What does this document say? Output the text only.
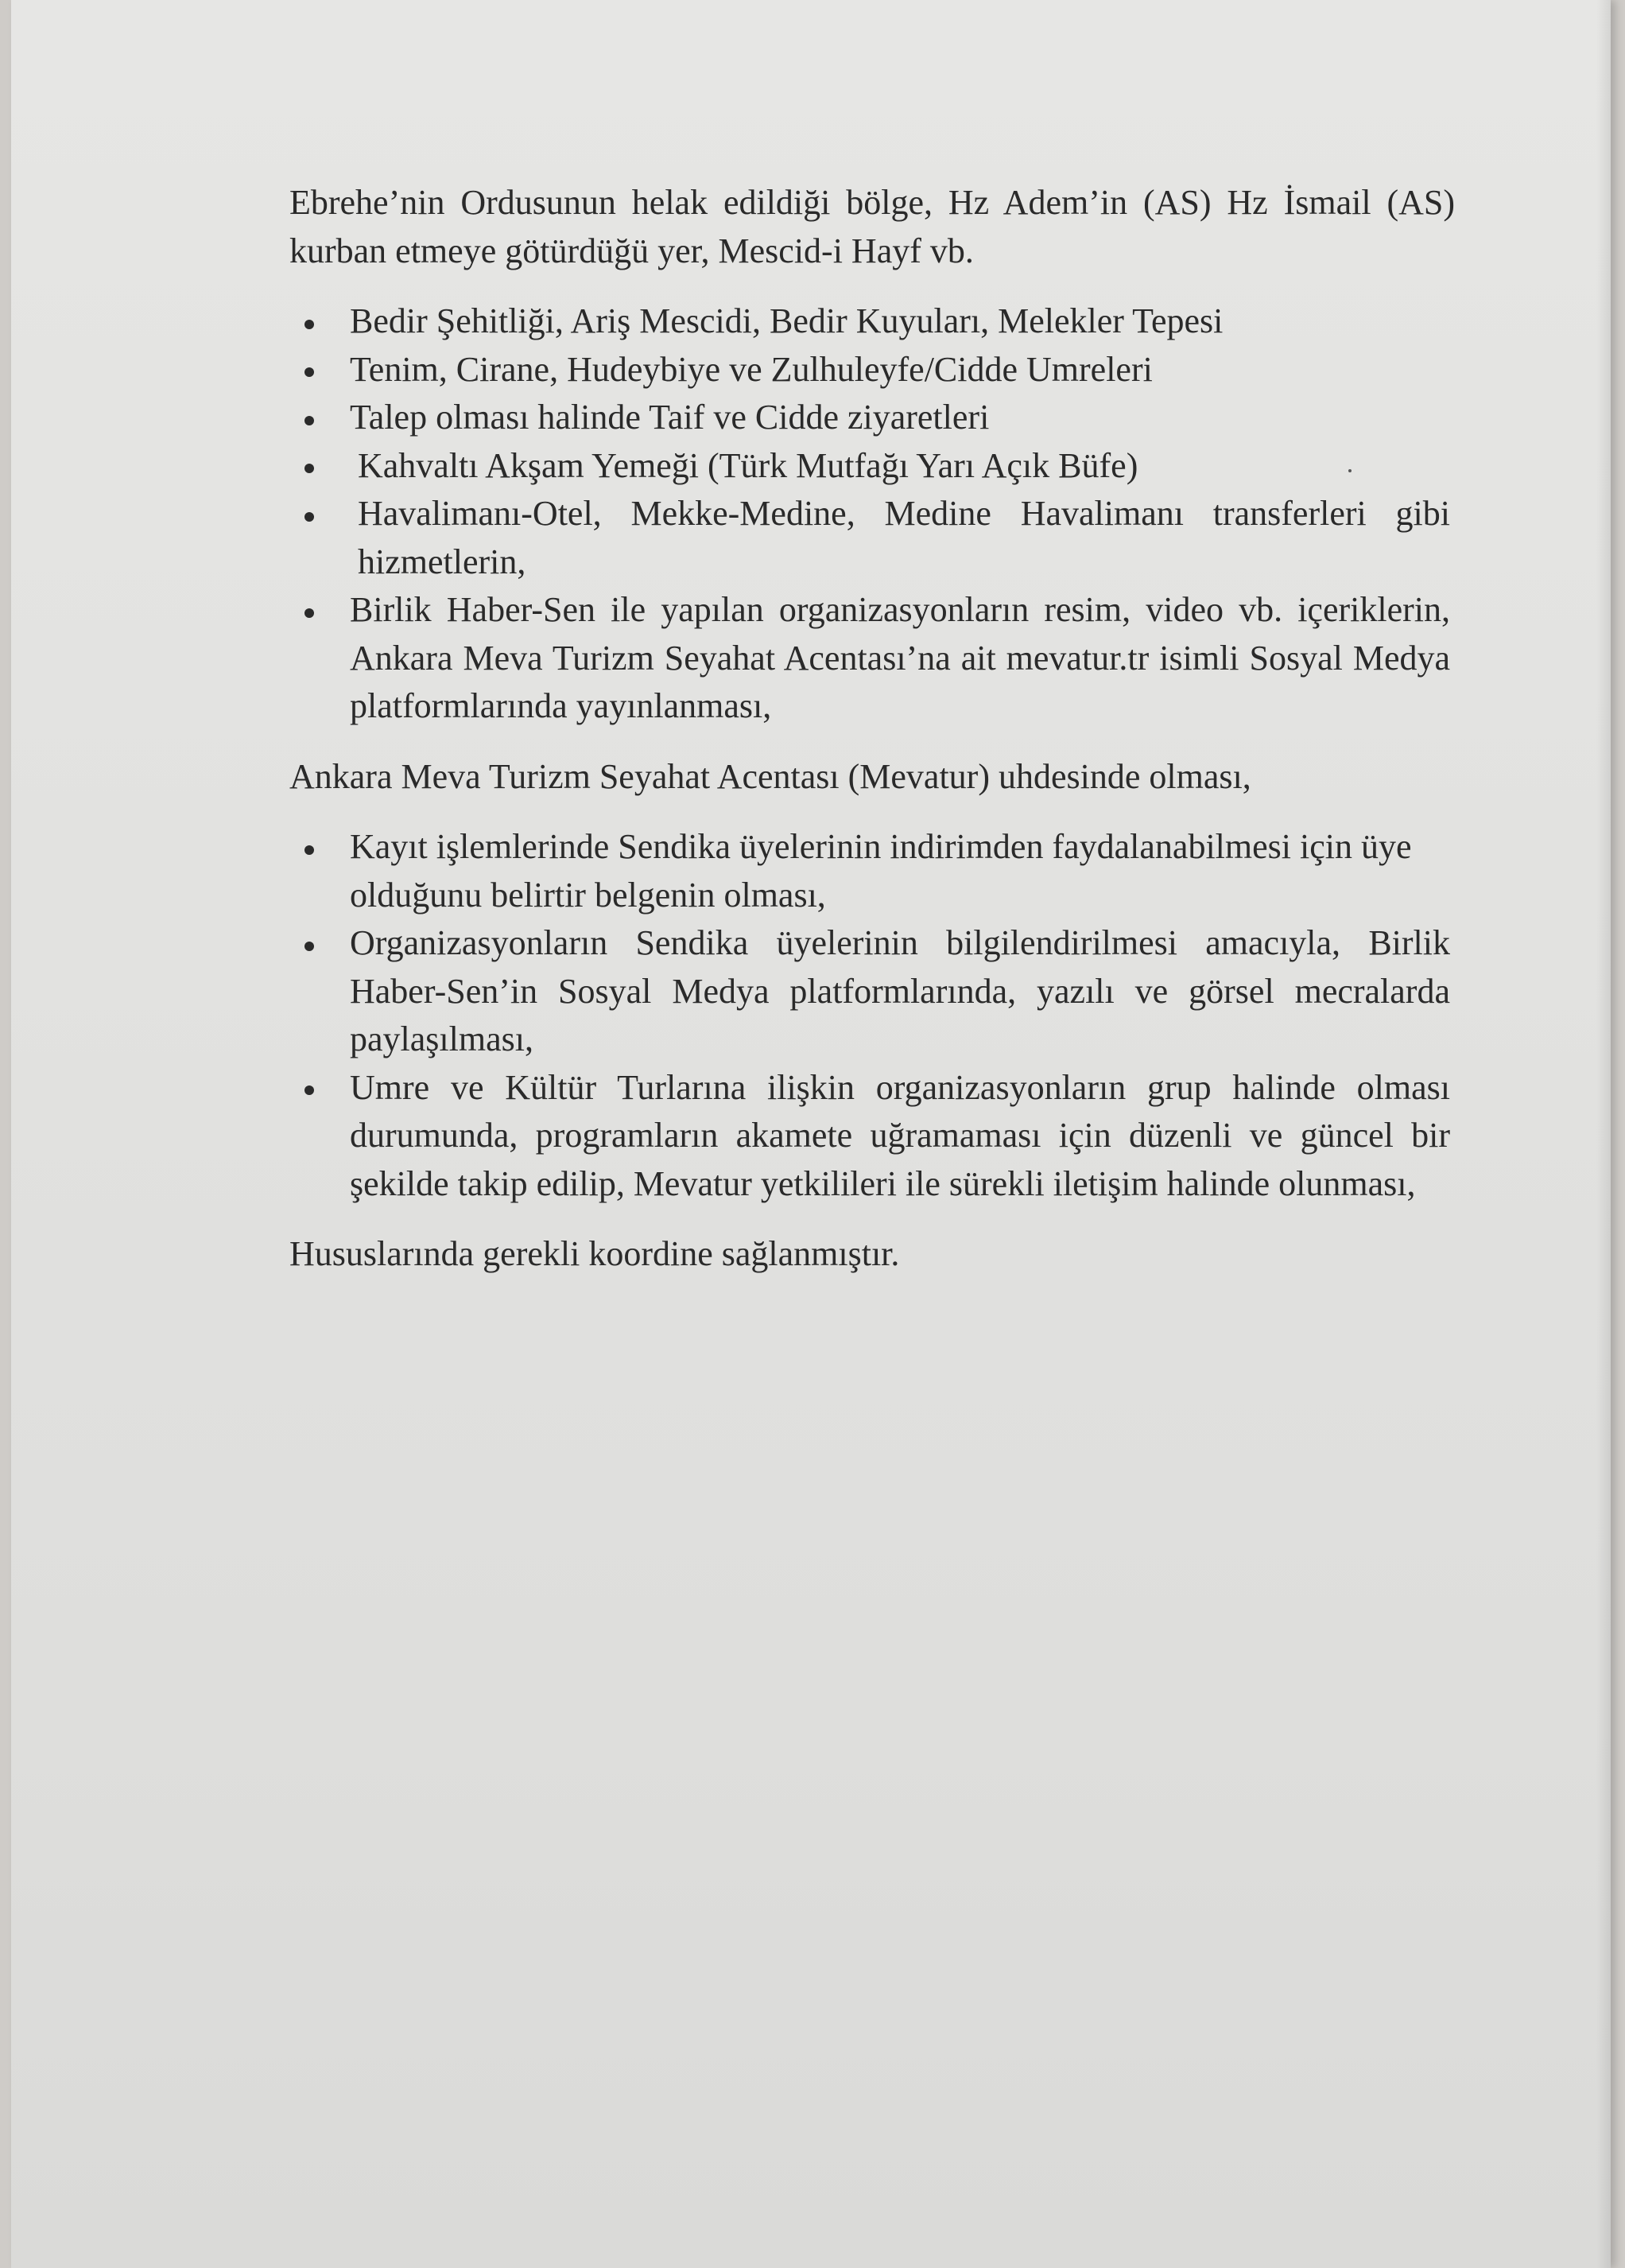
Ebrehe’nin Ordusunun helak edildiği bölge, Hz Adem’in (AS) Hz İsmail (AS) kurban etmeye götürdüğü yer, Mescid-i Hayf vb.

Bedir Şehitliği, Ariş Mescidi, Bedir Kuyuları, Melekler Tepesi
Tenim, Cirane, Hudeybiye ve Zulhuleyfe/Cidde Umreleri
Talep olması halinde Taif ve Cidde ziyaretleri
Kahvaltı Akşam Yemeği (Türk Mutfağı Yarı Açık Büfe)
Havalimanı-Otel, Mekke-Medine, Medine Havalimanı transferleri gibi hizmetlerin,
Birlik Haber-Sen ile yapılan organizasyonların resim, video vb. içeriklerin, Ankara Meva Turizm Seyahat Acentası’na ait mevatur.tr isimli Sosyal Medya platformlarında yayınlanması,

Ankara Meva Turizm Seyahat Acentası (Mevatur) uhdesinde olması,

Kayıt işlemlerinde Sendika üyelerinin indirimden faydalanabilmesi için üye olduğunu belirtir belgenin olması,
Organizasyonların Sendika üyelerinin bilgilendirilmesi amacıyla, Birlik Haber-Sen’in Sosyal Medya platformlarında, yazılı ve görsel mecralarda paylaşılması,
Umre ve Kültür Turlarına ilişkin organizasyonların grup halinde olması durumunda, programların akamete uğramaması için düzenli ve güncel bir şekilde takip edilip, Mevatur yetkilileri ile sürekli iletişim halinde olunması,

Hususlarında gerekli koordine sağlanmıştır.
